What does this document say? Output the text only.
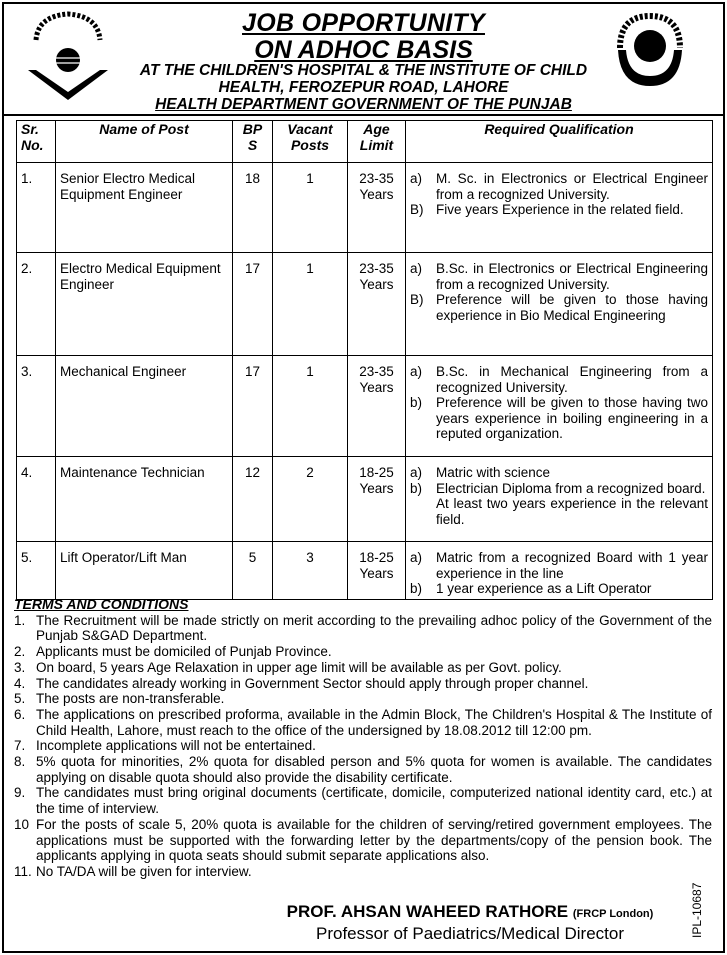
JOB OPPORTUNITY
ON ADHOC BASIS
AT THE CHILDREN'S HOSPITAL & THE INSTITUTE OF CHILD
HEALTH, FEROZEPUR ROAD, LAHORE
HEALTH DEPARTMENT GOVERNMENT OF THE PUNJAB
Sr. No.	Name of Post	BP S	Vacant Posts	Age Limit	Required Qualification
1.	Senior Electro Medical Equipment Engineer	18	1	23-35 Years	a) M. Sc. in Electronics or Electrical Engineer from a recognized University.
B) Five years Experience in the related field.

2.	Electro Medical Equipment Engineer	17	1	23-35 Years	a) B.Sc. in Electronics or Electrical Engineering from a recognized University.
B) Preference will be given to those having experience in Bio Medical Engineering

3.	Mechanical Engineer	17	1	23-35 Years	a) B.Sc. in Mechanical Engineering from a recognized University.
b) Preference will be given to those having two years experience in boiling engineering in a reputed organization.

4.	Maintenance Technician	12	2	18-25 Years	a) Matric with science
b) Electrician Diploma from a recognized board.
At least two years experience in the relevant field.

5.	Lift Operator/Lift Man	5	3	18-25 Years	a) Matric from a recognized Board with 1 year experience in the line
b) 1 year experience as a Lift Operator
TERMS AND CONDITIONS
1. The Recruitment will be made strictly on merit according to the prevailing adhoc policy of the Government of the Punjab S&GAD Department.
2. Applicants must be domiciled of Punjab Province.
3. On board, 5 years Age Relaxation in upper age limit will be available as per Govt. policy.
4. The candidates already working in Government Sector should apply through proper channel.
5. The posts are non-transferable.
6. The applications on prescribed proforma, available in the Admin Block, The Children's Hospital & The Institute of Child Health, Lahore, must reach to the office of the undersigned by 18.08.2012 till 12:00 pm.
7. Incomplete applications will not be entertained.
8. 5% quota for minorities, 2% quota for disabled person and 5% quota for women is available. The candidates applying on disable quota should also provide the disability certificate.
9. The candidates must bring original documents (certificate, domicile, computerized national identity card, etc.) at the time of interview.
10 For the posts of scale 5, 20% quota is available for the children of serving/retired government employees. The applications must be supported with the forwarding letter by the departments/copy of the pension book. The applicants applying in quota seats should submit separate applications also.
11. No TA/DA will be given for interview.
PROF. AHSAN WAHEED RATHORE (FRCP London)
Professor of Paediatrics/Medical Director	IPL-10687
